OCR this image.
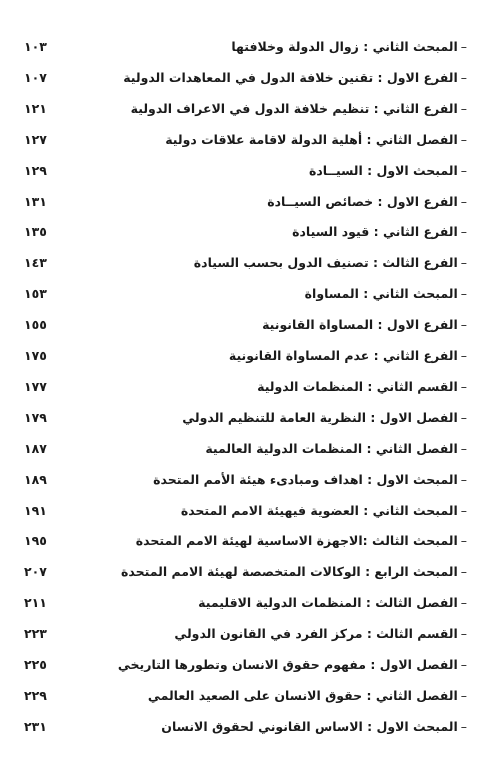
–المبحث الثاني : زوال الدولة وخلافتها
١٠٣
–الفرع الاول : تقنين خلافة الدول في المعاهدات الدولية
١٠٧
–الفرع الثاني : تنظيم خلافة الدول في الاعراف الدولية
١٢١
–الفصل الثاني : أهلية الدولة لاقامة علاقات دولية
١٢٧
–المبحث الاول : السيــادة
١٢٩
–الفرع الاول : خصائص السيــادة
١٣١
–الفرع الثاني : قيود السيادة
١٣٥
–الفرع الثالث : تصنيف الدول بحسب السيادة
١٤٣
–المبحث الثاني : المساواة
١٥٣
–الفرع الاول : المساواة القانونية
١٥٥
–الفرع الثاني : عدم المساواة القانونية
١٧٥
–القسم الثاني : المنظمات الدولية
١٧٧
–الفصل الاول : النظرية العامة للتنظيم الدولي
١٧٩
–الفصل الثاني : المنظمات الدولية العالمية
١٨٧
–المبحث الاول : اهداف ومبادىء هيئة الأمم المتحدة
١٨٩
–المبحث الثاني : العضوية فيهيئة الامم المتحدة
١٩١
–المبحث الثالث :الاجهزة الاساسية لهيئة الامم المتحدة
١٩٥
–المبحث الرابع : الوكالات المتخصصة لهيئة الامم المتحدة
٢٠٧
–الفصل الثالث : المنظمات الدولية الاقليمية
٢١١
–القسم الثالث : مركز الفرد في القانون الدولي
٢٢٣
–الفصل الاول : مفهوم حقوق الانسان وتطورها التاريخي
٢٢٥
–الفصل الثاني : حقوق الانسان على الصعيد العالمي
٢٢٩
–المبحث الاول : الاساس القانوني لحقوق الانسان
٢٣١
